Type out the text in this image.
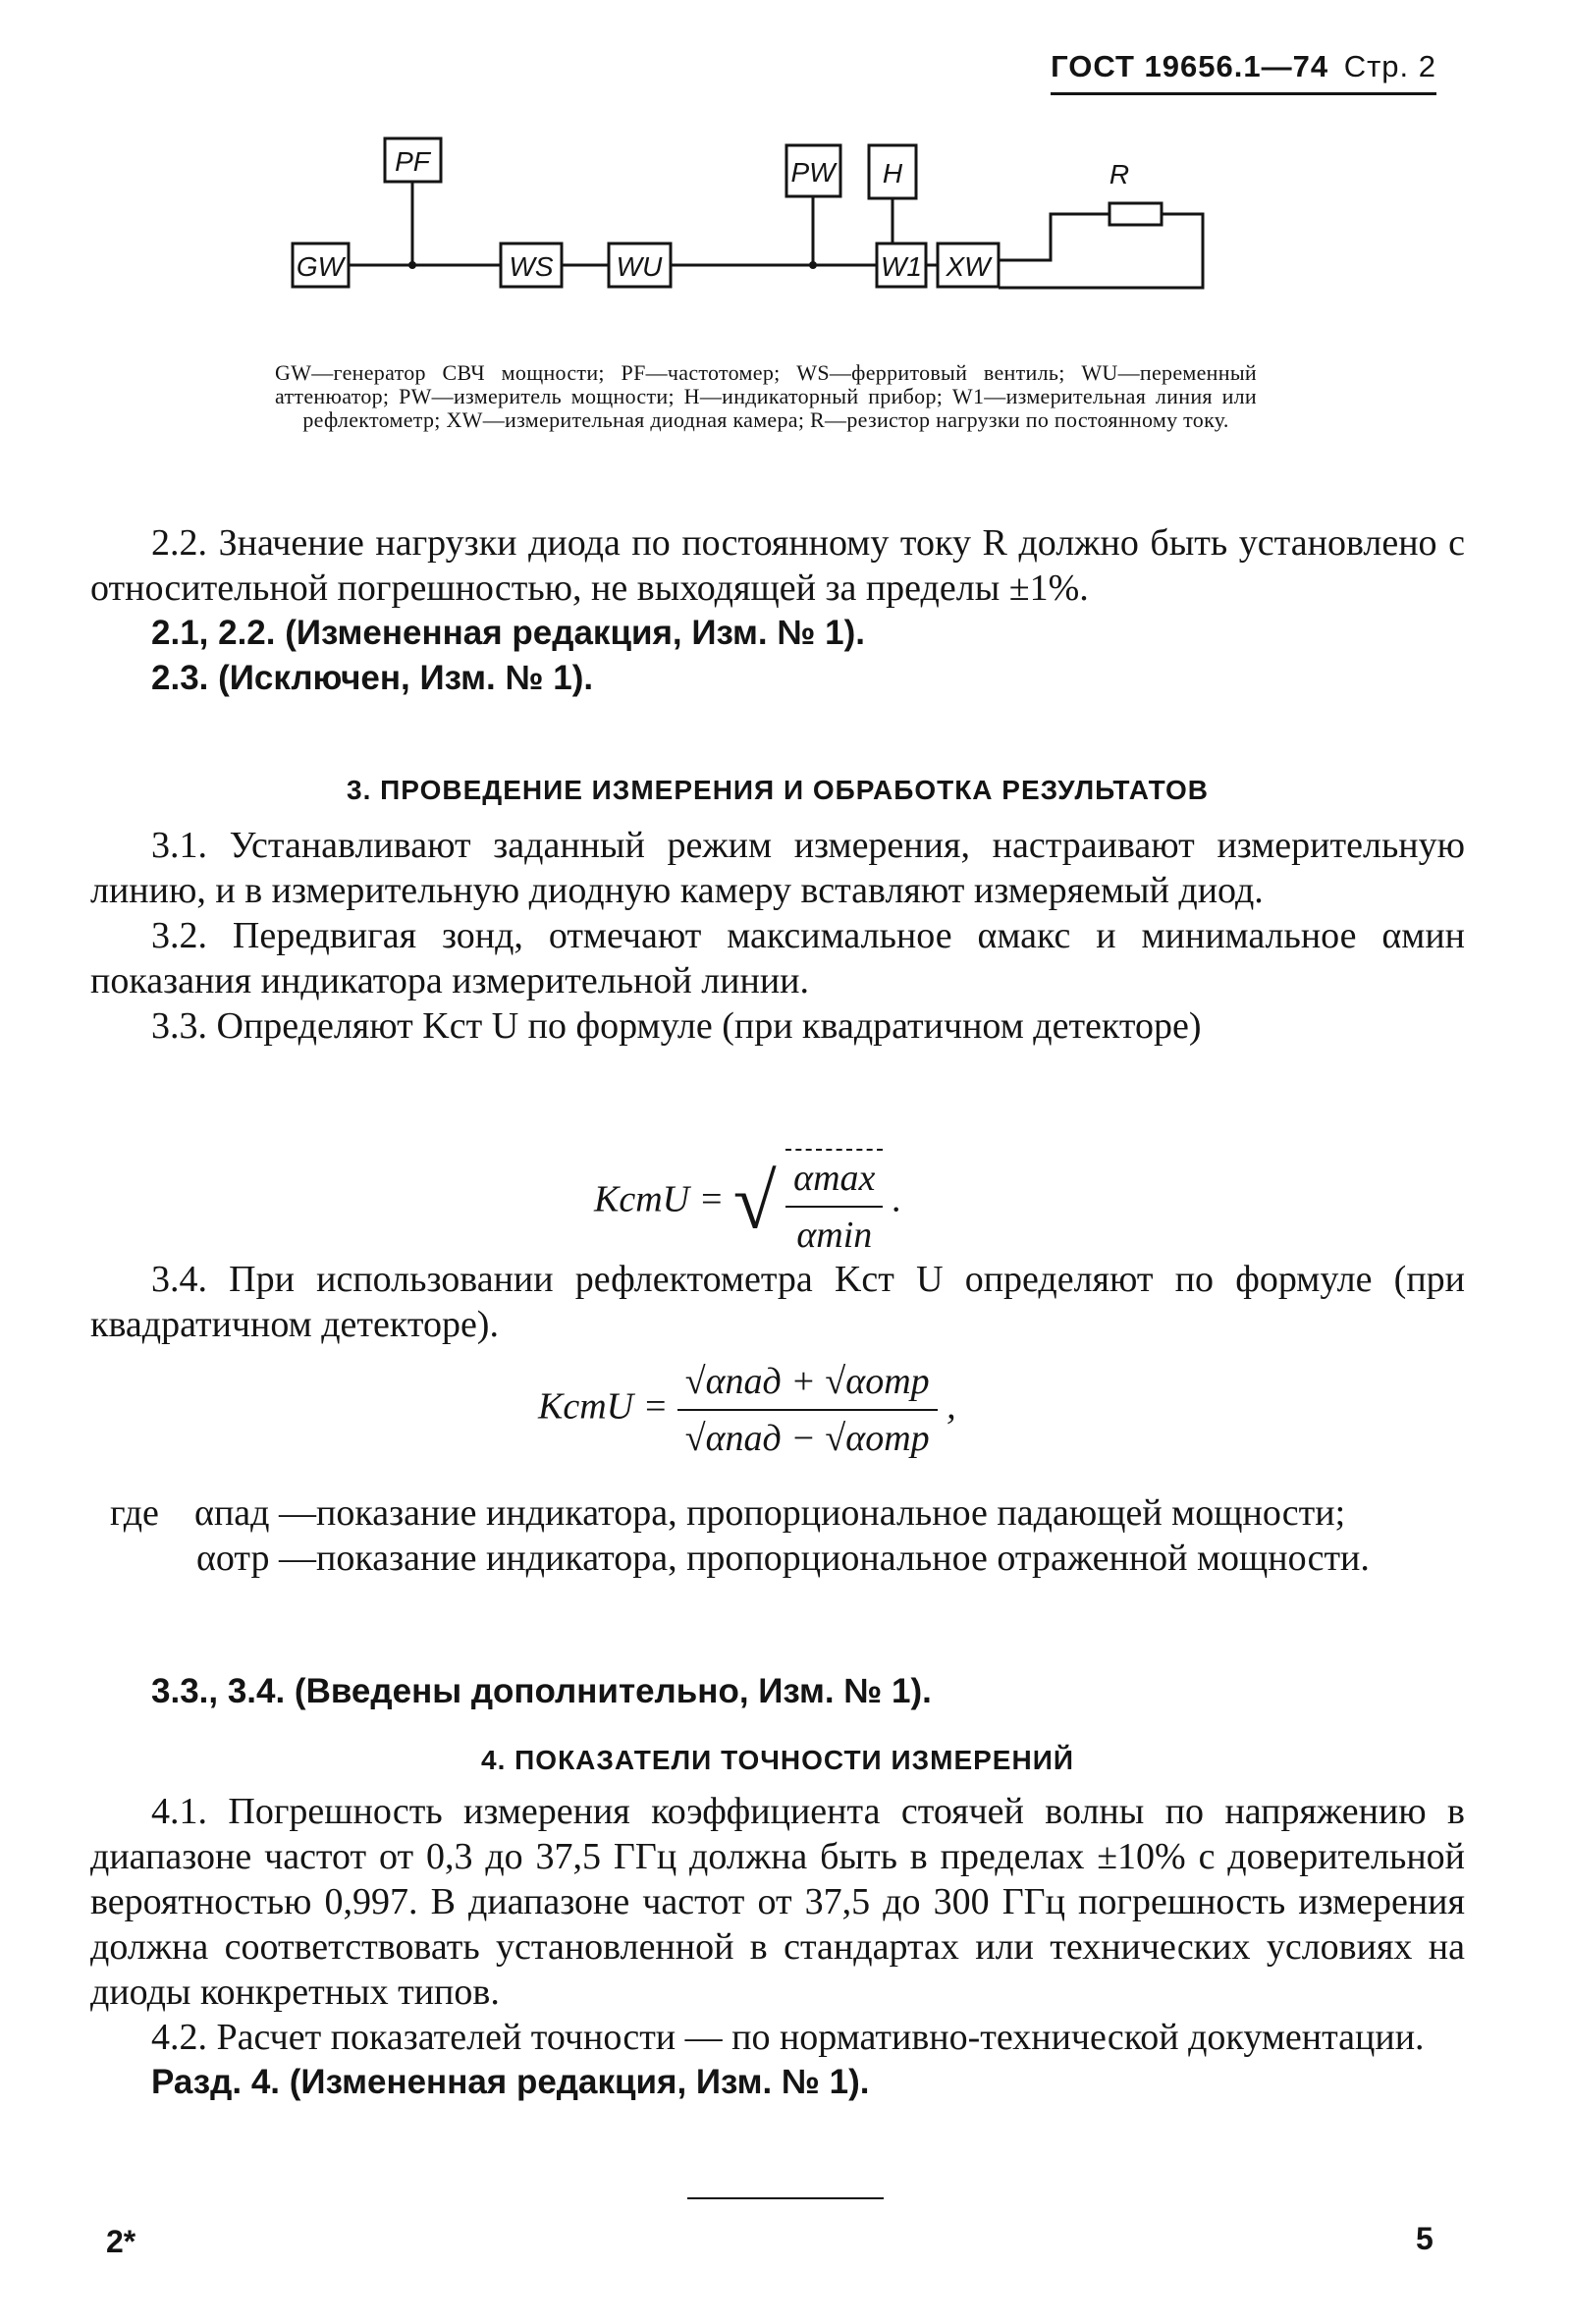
ГОСТ 19656.1—74 Стр. 2
GW
PF
WS WU
PW H
W1 XW
R
GW—генератор СВЧ мощности; PF—частотомер; WS—ферритовый вентиль; WU—переменный аттенюатор; PW—измеритель мощности; H—индикаторный прибор; W1—измерительная линия или рефлектометр; XW—измерительная диодная камера; R—резистор нагрузки по постоянному току.

2.2. Значение нагрузки диода по постоянному току R должно быть установлено с относительной погрешностью, не выходящей за пределы ±1%.

2.1, 2.2. (Измененная редакция, Изм. № 1).

2.3. (Исключен, Изм. № 1).

3. ПРОВЕДЕНИЕ ИЗМЕРЕНИЯ И ОБРАБОТКА РЕЗУЛЬТАТОВ

3.1. Устанавливают заданный режим измерения, настраивают измерительную линию, и в измерительную диодную камеру вставляют измеряемый диод.

3.2. Передвигая зонд, отмечают максимальное αмакс и минимальное αмин показания индикатора измерительной линии.

3.3. Определяют Kст U по формуле (при квадратичном детекторе)

KстU = √ $\frac{\alpha\max}{\alpha\min}$ .

3.4. При использовании рефлектометра Kст U определяют по формуле (при квадратичном детекторе).

KстU = $\frac{\text{√αпад + √αотр}}{\text{√αпад − √αотр}}$ ,
где αпад — показание индикатора, пропорциональное падающей мощности;
αотр — показание индикатора, пропорциональное отраженной мощности.

3.3., 3.4. (Введены дополнительно, Изм. № 1).

4. ПОКАЗАТЕЛИ ТОЧНОСТИ ИЗМЕРЕНИЙ

4.1. Погрешность измерения коэффициента стоячей волны по напряжению в диапазоне частот от 0,3 до 37,5 ГГц должна быть в пределах ±10% с доверительной вероятностью 0,997. В диапазоне частот от 37,5 до 300 ГГц погрешность измерения должна соответствовать установленной в стандартах или технических условиях на диоды конкретных типов.

4.2. Расчет показателей точности — по нормативно-технической документации.

Разд. 4. (Измененная редакция, Изм. № 1).

2*	5
